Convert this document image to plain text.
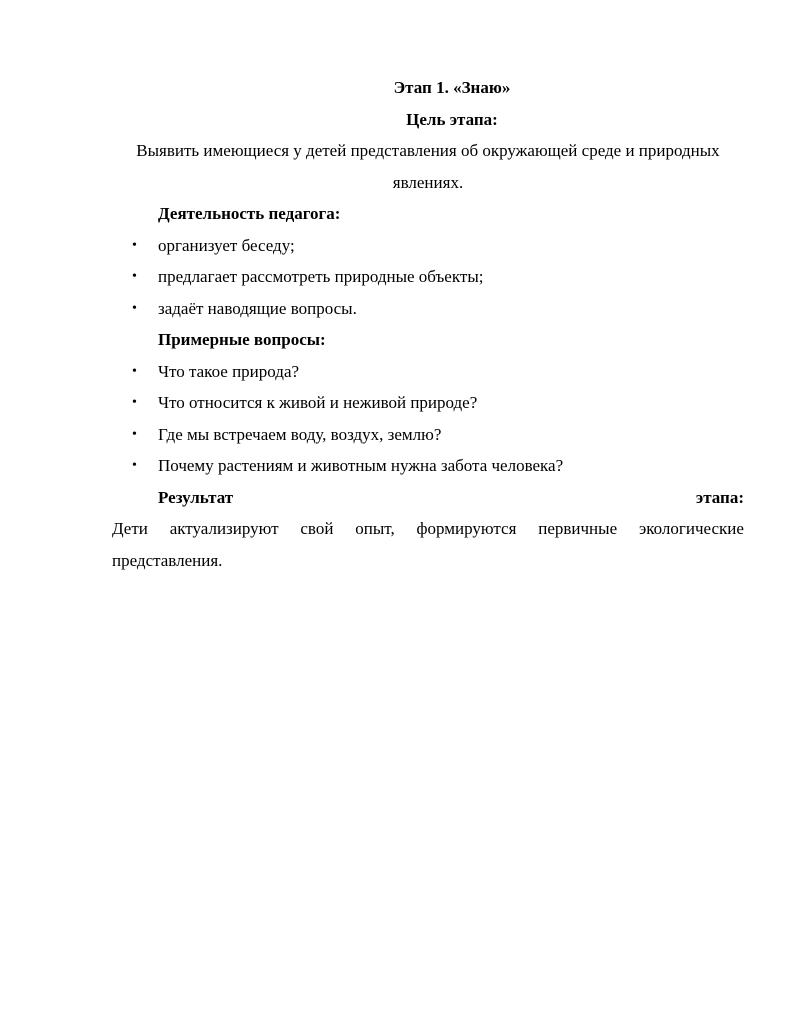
Этап 1. «Знаю»
Цель этапа:
Выявить имеющиеся у детей представления об окружающей среде и природных
явлениях.
Деятельность педагога:
• организует беседу;
• предлагает рассмотреть природные объекты;
• задаёт наводящие вопросы.
Примерные вопросы:
• Что такое природа?
• Что относится к живой и неживой природе?
• Где мы встречаем воду, воздух, землю?
• Почему растениям и животным нужна забота человека?
Результат	этапа:
Дети актуализируют свой опыт, формируются первичные экологические
представления.
